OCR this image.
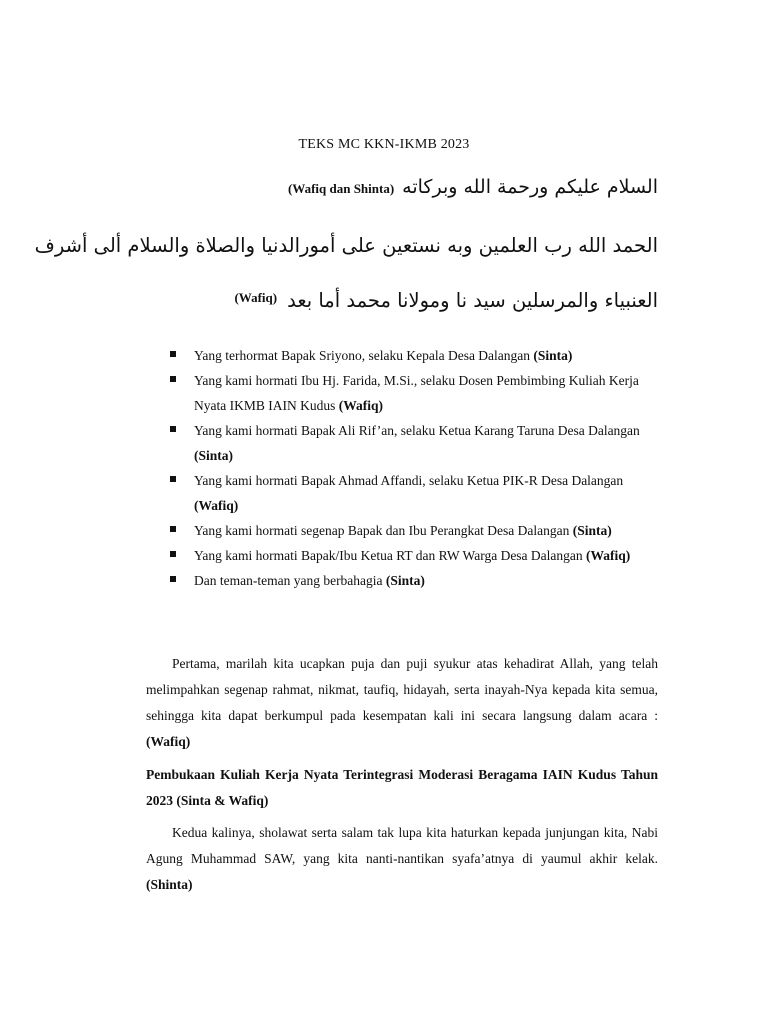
TEKS MC KKN-IKMB 2023
السلام عليكم ورحمة الله وبركاته(Wafiq dan Shinta)
الحمد الله رب العلمين وبه نستعين على أمورالدنيا والصلاة والسلام ألى أشرف
العنبياء والمرسلين سيد نا ومولانا محمد أما بعد$^{(Wafiq)}$
Yang terhormat Bapak Sriyono, selaku Kepala Desa Dalangan (Sinta)
Yang kami hormati Ibu Hj. Farida, M.Si., selaku Dosen Pembimbing Kuliah Kerja Nyata IKMB IAIN Kudus (Wafiq)
Yang kami hormati Bapak Ali Rif’an, selaku Ketua Karang Taruna Desa Dalangan (Sinta)
Yang kami hormati Bapak Ahmad Affandi, selaku Ketua PIK-R Desa Dalangan (Wafiq)
Yang kami hormati segenap Bapak dan Ibu Perangkat Desa Dalangan (Sinta)
Yang kami hormati Bapak/Ibu Ketua RT dan RW Warga Desa Dalangan (Wafiq)
Dan teman-teman yang berbahagia (Sinta)

Pertama, marilah kita ucapkan puja dan puji syukur atas kehadirat Allah, yang telah melimpahkan segenap rahmat, nikmat, taufiq, hidayah, serta inayah-Nya kepada kita semua, sehingga kita dapat berkumpul pada kesempatan kali ini secara langsung dalam acara : (Wafiq)

Pembukaan Kuliah Kerja Nyata Terintegrasi Moderasi Beragama IAIN Kudus Tahun 2023 (Sinta & Wafiq)

Kedua kalinya, sholawat serta salam tak lupa kita haturkan kepada junjungan kita, Nabi Agung Muhammad SAW, yang kita nanti-nantikan syafa’atnya di yaumul akhir kelak. (Shinta)
